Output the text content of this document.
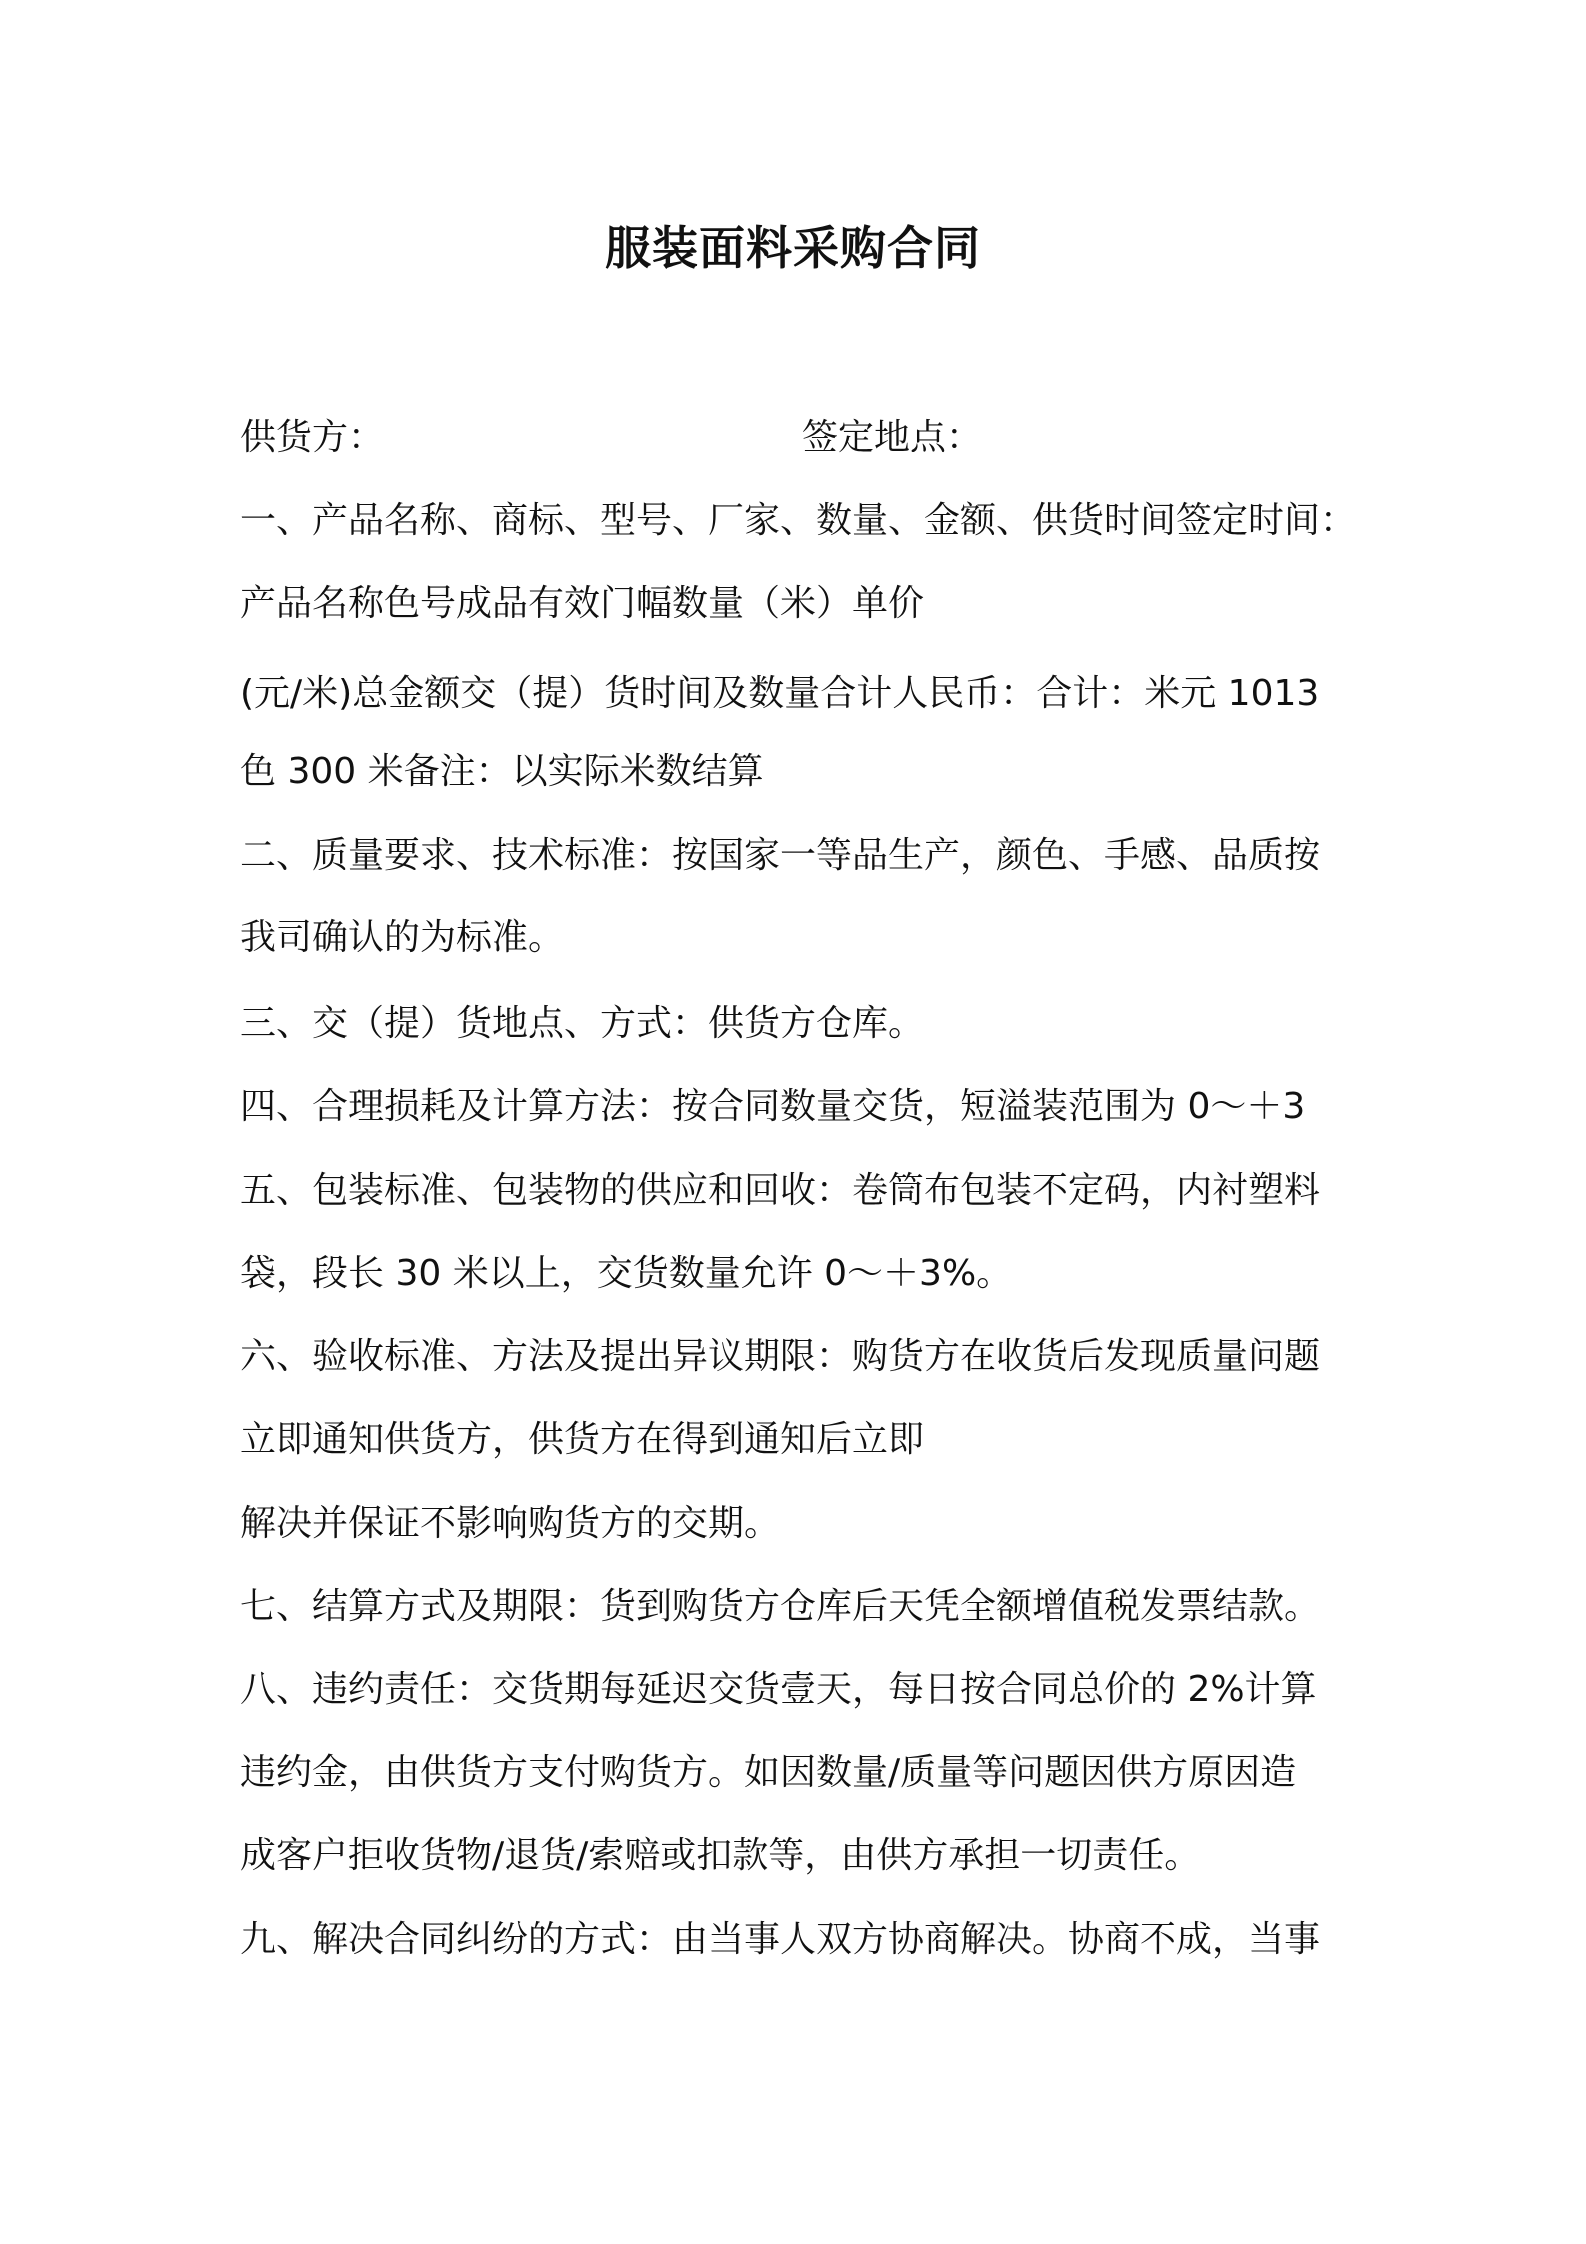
服装面料采购合同
供货方：	签定地点：
一、产品名称、商标、型号、厂家、数量、金额、供货时间签定时间：
产品名称色号成品有效门幅数量（米）单价
(元/米)总金额交（提）货时间及数量合计人民币：合计：米元 1013
色 300 米备注：以实际米数结算
二、质量要求、技术标准：按国家一等品生产，颜色、手感、品质按
我司确认的为标准。
三、交（提）货地点、方式：供货方仓库。
四、合理损耗及计算方法：按合同数量交货，短溢装范围为 0～＋3
五、包装标准、包装物的供应和回收：卷筒布包装不定码，内衬塑料
袋，段长 30 米以上，交货数量允许 0～＋3%。
六、验收标准、方法及提出异议期限：购货方在收货后发现质量问题
立即通知供货方，供货方在得到通知后立即
解决并保证不影响购货方的交期。
七、结算方式及期限：货到购货方仓库后天凭全额增值税发票结款。
八、违约责任：交货期每延迟交货壹天，每日按合同总价的 2%计算
违约金，由供货方支付购货方。如因数量/质量等问题因供方原因造
成客户拒收货物/退货/索赔或扣款等，由供方承担一切责任。
九、解决合同纠纷的方式：由当事人双方协商解决。协商不成，当事
